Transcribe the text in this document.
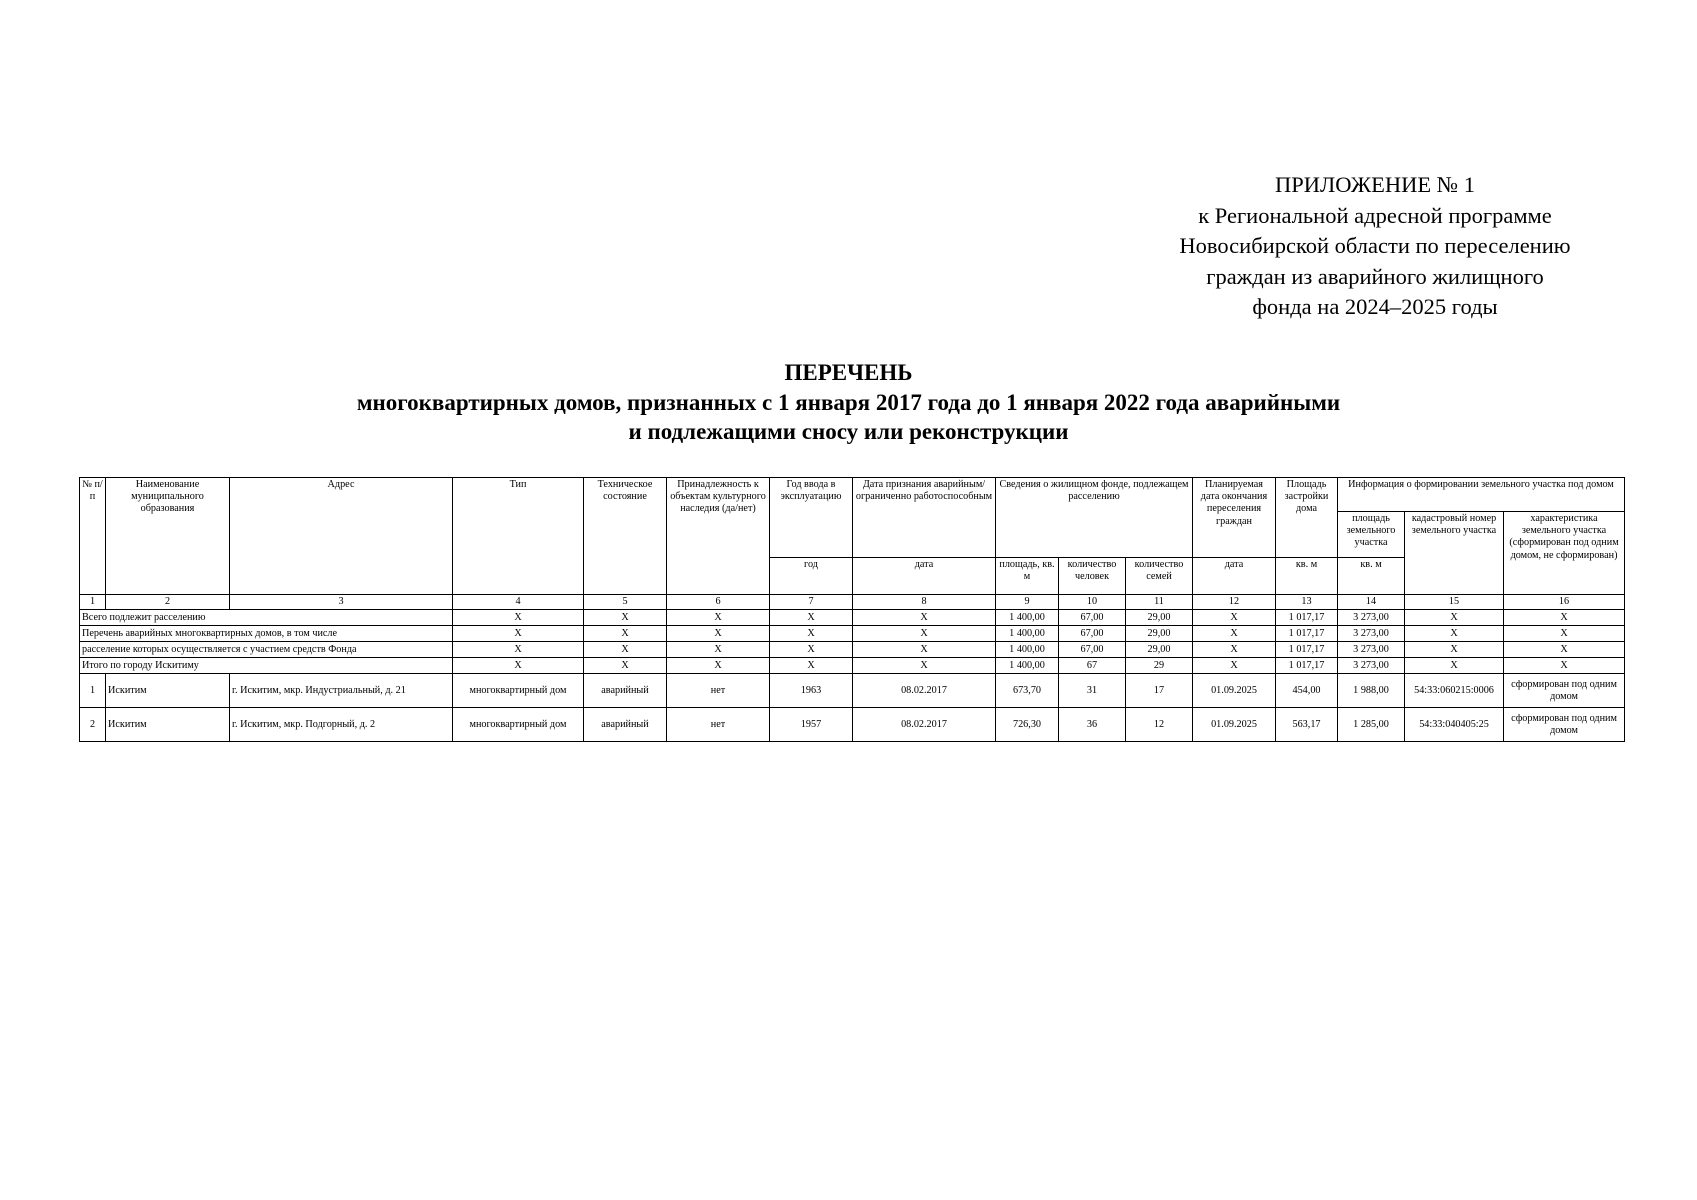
ПРИЛОЖЕНИЕ № 1
к Региональной адресной программе
Новосибирской области по переселению
граждан из аварийного жилищного
фонда на 2024–2025 годы
ПЕРЕЧЕНЬ
многоквартирных домов, признанных с 1 января 2017 года до 1 января 2022 года аварийными
и подлежащими сносу или реконструкции
№ п/п	Наименование муниципального образования	Адрес	Тип	Техническое состояние	Принадлежность к объектам культурного наследия (да/нет)	Год ввода в эксплуатацию	Дата признания аварийным/ограниченно работоспособным	Сведения о жилищном фонде, подлежащем расселению			Планируемая дата окончания переселения граждан	Площадь застройки дома	Информация о формировании земельного участка под домом		
													площадь земельного участка	кадастровый номер земельного участка	характеристика земельного участка (сформирован под одним домом, не сформирован)
						год	дата	площадь, кв. м	количество человек	количество семей	дата	кв. м	кв. м		
1	2	3	4	5	6	7	8	9	10	11	12	13	14	15	16
Всего подлежит расселению			X	X	X	X	X	1 400,00	67,00	29,00	X	1 017,17	3 273,00	X	X
Перечень аварийных многоквартирных домов, в том числе			X	X	X	X	X	1 400,00	67,00	29,00	X	1 017,17	3 273,00	X	X
расселение которых осуществляется с участием средств Фонда			X	X	X	X	X	1 400,00	67,00	29,00	X	1 017,17	3 273,00	X	X
Итого по городу Искитиму			X	X	X	X	X	1 400,00	67	29	X	1 017,17	3 273,00	X	X
1	Искитим	г. Искитим, мкр. Индустриальный, д. 21	многоквартирный дом	аварийный	нет	1963	08.02.2017	673,70	31	17	01.09.2025	454,00	1 988,00	54:33:060215:0006	сформирован под одним домом
2	Искитим	г. Искитим, мкр. Подгорный, д. 2	многоквартирный дом	аварийный	нет	1957	08.02.2017	726,30	36	12	01.09.2025	563,17	1 285,00	54:33:040405:25	сформирован под одним домом
